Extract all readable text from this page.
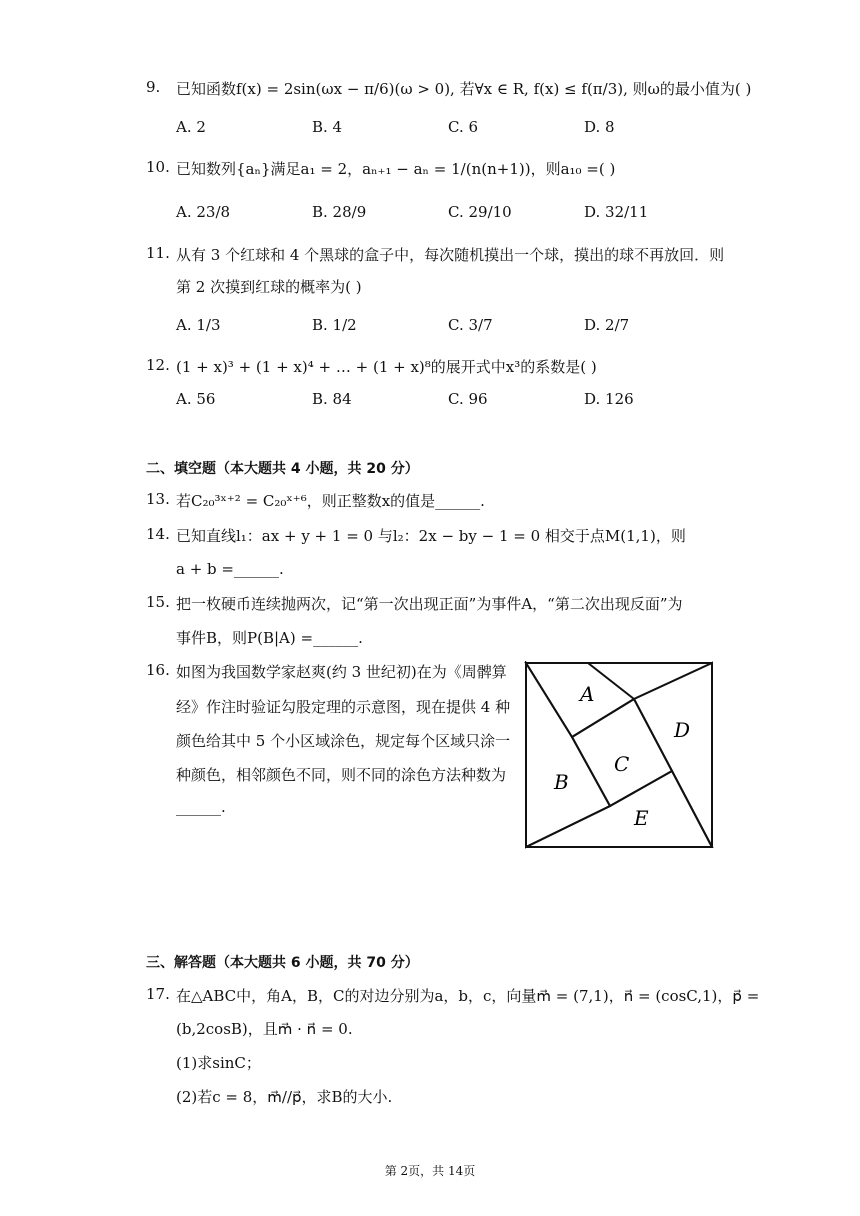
9. 已知函数f(x) = 2sin(ωx − π/6)(ω > 0), 若∀x ∈ R, f(x) ≤ f(π/3), 则ω的最小值为( )
A. 2	B. 4	C. 6	D. 8
10. 已知数列{aₙ}满足a₁ = 2，aₙ₊₁ − aₙ = 1/(n(n+1))，则a₁₀ =( )
A. 23/8	B. 28/9	C. 29/10	D. 32/11
11. 从有 3 个红球和 4 个黑球的盒子中，每次随机摸出一个球，摸出的球不再放回．则
第 2 次摸到红球的概率为( )
A. 1/3	B. 1/2	C. 3/7	D. 2/7
12. (1 + x)³ + (1 + x)⁴ + … + (1 + x)⁸的展开式中x³的系数是( )
A. 56	B. 84	C. 96	D. 126
二、填空题（本大题共 4 小题，共 20 分）
13. 若C₂₀³ˣ⁺² = C₂₀ˣ⁺⁶，则正整数x的值是______.
14. 已知直线l₁：ax + y + 1 = 0 与l₂：2x − by − 1 = 0 相交于点M(1,1)，则
a + b =______.
15. 把一枚硬币连续抛两次，记“第一次出现正面”为事件A，“第二次出现反面”为
事件B，则P(B|A) =______.
16. 如图为我国数学家赵爽(约 3 世纪初)在为《周髀算
经》作注时验证勾股定理的示意图，现在提供 4 种
颜色给其中 5 个小区域涂色，规定每个区域只涂一
种颜色，相邻颜色不同，则不同的涂色方法种数为
______.
A
B
C
D
E
三、解答题（本大题共 6 小题，共 70 分）
17. 在△ABC中，角A，B，C的对边分别为a，b，c，向量m⃗ = (7,1)，n⃗ = (cosC,1)，p⃗ =
(b,2cosB)，且m⃗ · n⃗ = 0.
(1)求sinC；
(2)若c = 8，m⃗//p⃗，求B的大小.
第 2页，共 14页
